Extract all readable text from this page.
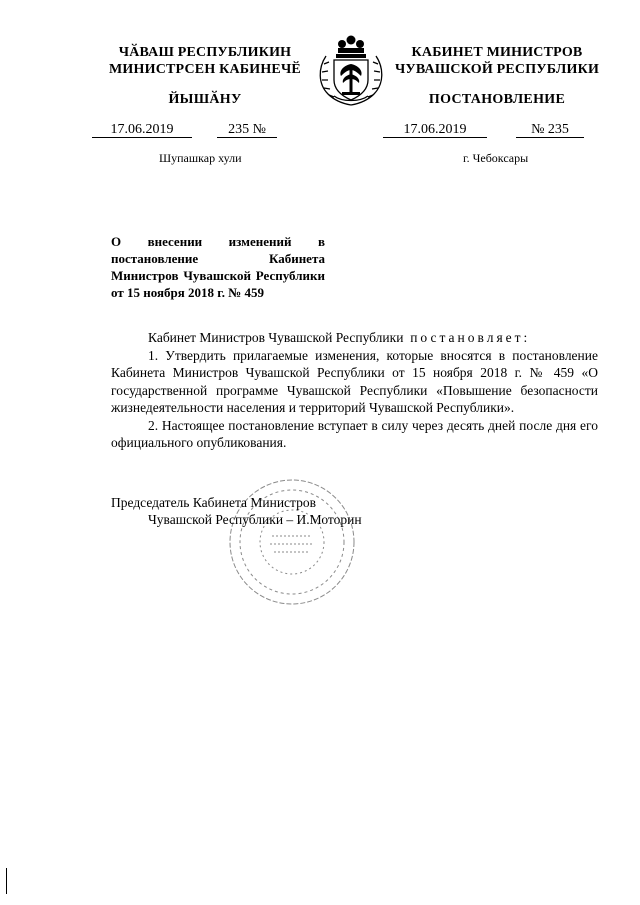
ЧӐВАШ РЕСПУБЛИКИН
МИНИСТРСЕН КАБИНЕЧӖ
ЙЫШӐНУ
КАБИНЕТ МИНИСТРОВ
ЧУВАШСКОЙ РЕСПУБЛИКИ
ПОСТАНОВЛЕНИЕ
17.06.2019	235 №	17.06.2019	№ 235
Шупашкар хули	г. Чебоксары
О внесении изменений в постановление Кабинета Министров Чувашской Республики от 15 ноября 2018 г. № 459

Кабинет Министров Чувашской Республики постановляет:

1. Утвердить прилагаемые изменения, которые вносятся в постановление Кабинета Министров Чувашской Республики от 15 ноября 2018 г. № 459 «О государственной программе Чувашской Республики «Повышение безопасности жизнедеятельности населения и территорий Чувашской Республики».

2. Настоящее постановление вступает в силу через десять дней после дня его официального опубликования.

Председатель Кабинета Министров
Чувашской Республики – И.Моторин
